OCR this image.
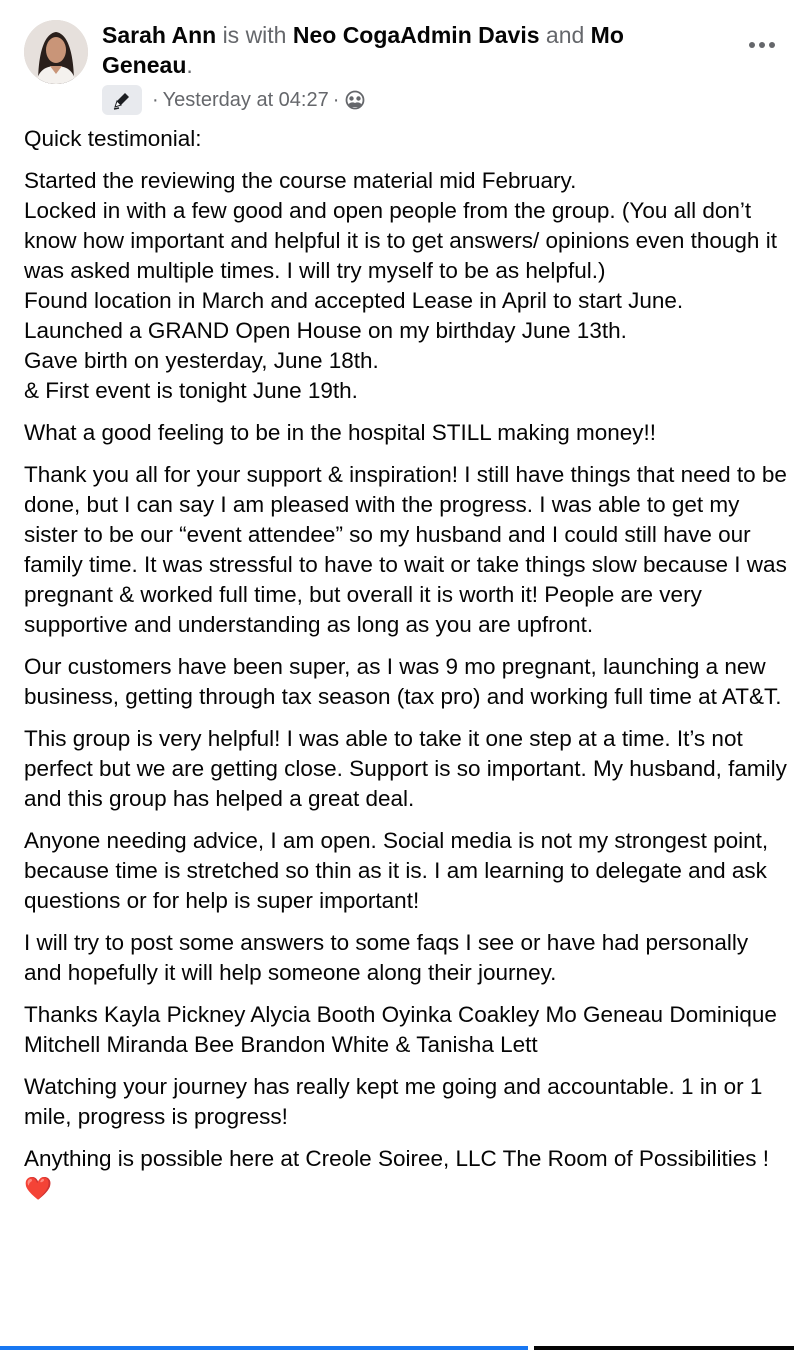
Sarah Ann is with Neo CogaAdmin Davis and Mo Geneau.

· Yesterday at 04:27 ·

Quick testimonial:

Started the reviewing the course material mid February.
Locked in with a few good and open people from the group. (You all don’t know how important and helpful it is to get answers/ opinions even though it was asked multiple times. I will try myself to be as helpful.)
Found location in March and accepted Lease in April to start June.
Launched a GRAND Open House on my birthday June 13th.
Gave birth on yesterday, June 18th.
& First event is tonight June 19th.

What a good feeling to be in the hospital STILL making money!!

Thank you all for your support & inspiration! I still have things that need to be done, but I can say I am pleased with the progress. I was able to get my sister to be our “event attendee” so my husband and I could still have our family time. It was stressful to have to wait or take things slow because I was pregnant & worked full time, but overall it is worth it! People are very supportive and understanding as long as you are upfront.

Our customers have been super, as I was 9 mo pregnant, launching a new business, getting through tax season (tax pro) and working full time at AT&T.

This group is very helpful! I was able to take it one step at a time. It’s not perfect but we are getting close. Support is so important. My husband, family and this group has helped a great deal.

Anyone needing advice, I am open. Social media is not my strongest point, because time is stretched so thin as it is. I am learning to delegate and ask questions or for help is super important!

I will try to post some answers to some faqs I see or have had personally and hopefully it will help someone along their journey.

Thanks Kayla Pickney Alycia Booth Oyinka Coakley Mo Geneau Dominique Mitchell Miranda Bee Brandon White & Tanisha Lett

Watching your journey has really kept me going and accountable. 1 in or 1 mile, progress is progress!

Anything is possible here at Creole Soiree, LLC The Room of Possibilities ! ❤️
